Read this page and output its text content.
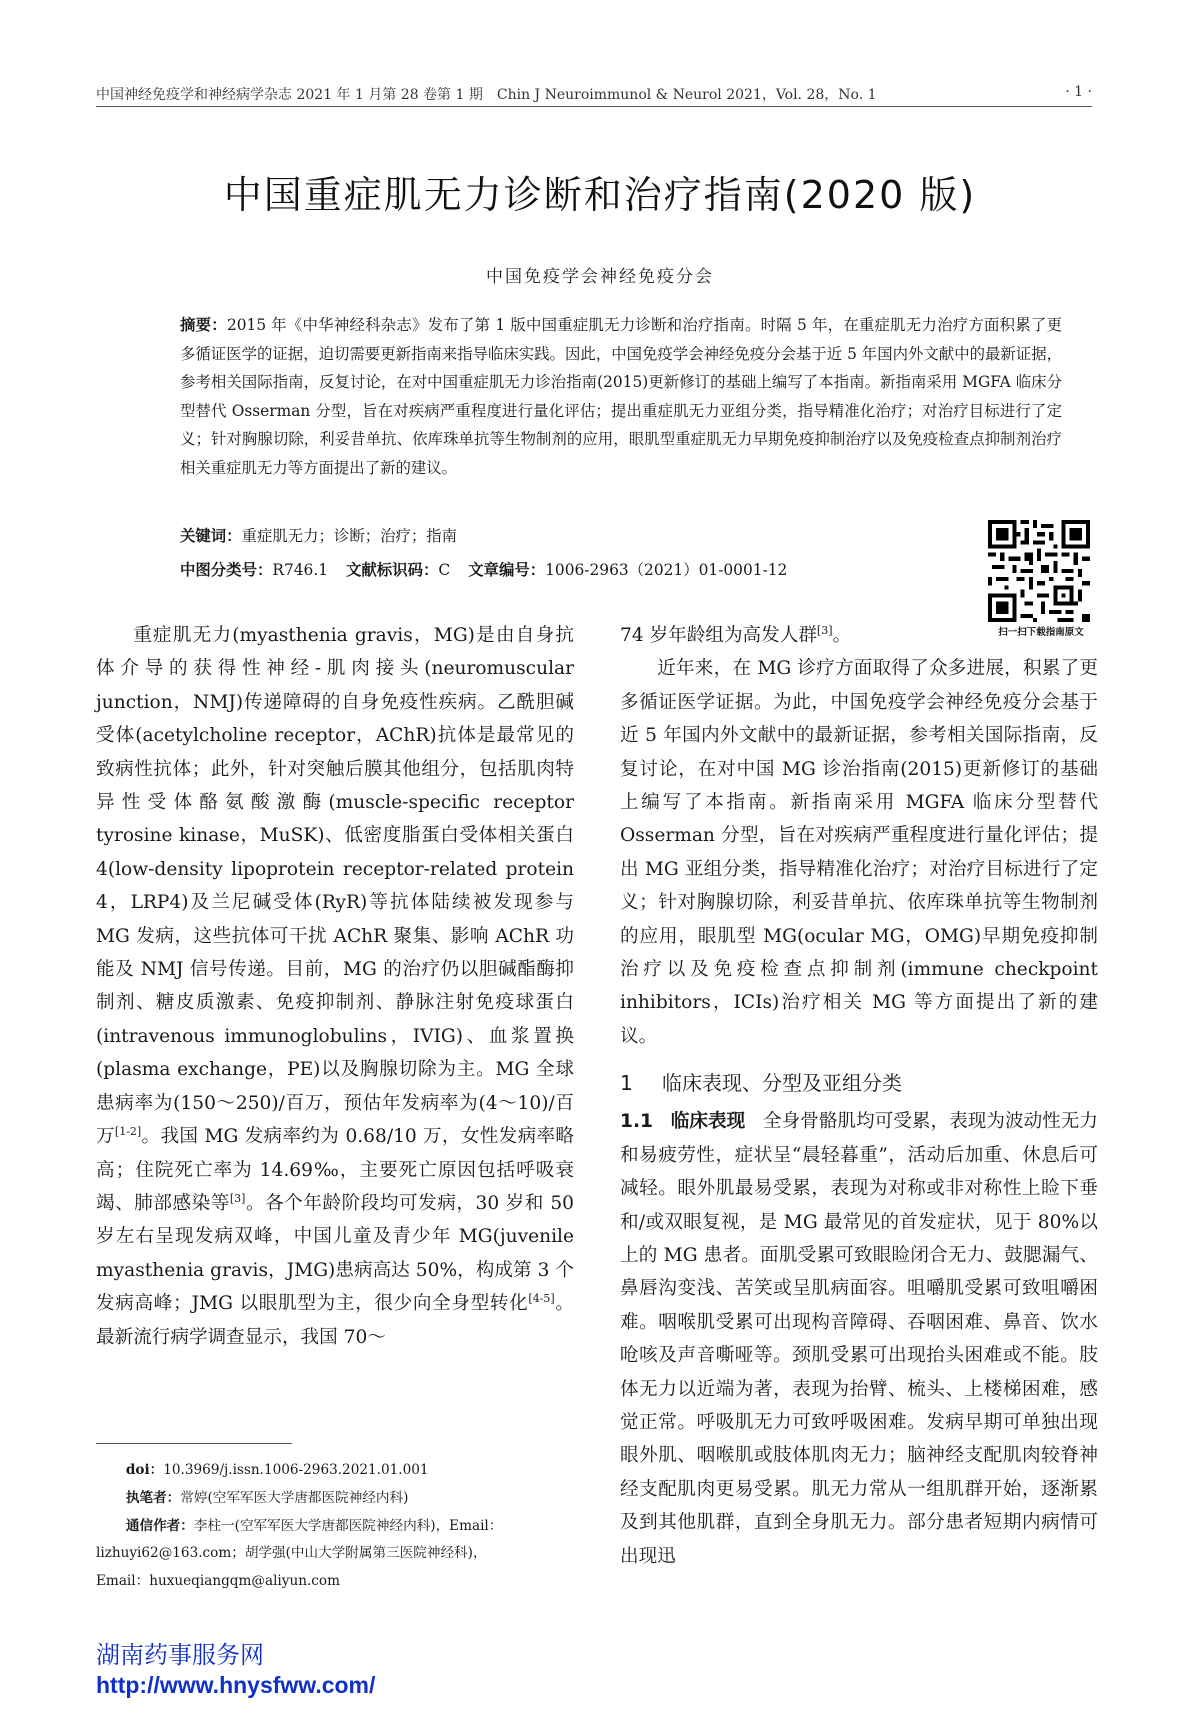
中国神经免疫学和神经病学杂志 2021 年 1 月第 28 卷第 1 期　Chin J Neuroimmunol & Neurol 2021，Vol. 28，No. 1	· 1 ·
中国重症肌无力诊断和治疗指南(2020 版)
中国免疫学会神经免疫分会
摘要：2015 年《中华神经科杂志》发布了第 1 版中国重症肌无力诊断和治疗指南。时隔 5 年，在重症肌无力治疗方面积累了更多循证医学的证据，迫切需要更新指南来指导临床实践。因此，中国免疫学会神经免疫分会基于近 5 年国内外文献中的最新证据，参考相关国际指南，反复讨论，在对中国重症肌无力诊治指南(2015)更新修订的基础上编写了本指南。新指南采用 MGFA 临床分型替代 Osserman 分型，旨在对疾病严重程度进行量化评估；提出重症肌无力亚组分类，指导精准化治疗；对治疗目标进行了定义；针对胸腺切除，利妥昔单抗、依库珠单抗等生物制剂的应用，眼肌型重症肌无力早期免疫抑制治疗以及免疫检查点抑制剂治疗相关重症肌无力等方面提出了新的建议。
关键词：重症肌无力；诊断；治疗；指南
中图分类号：R746.1 文献标识码：C 文章编号：1006-2963（2021）01-0001-12
扫一扫下载指南原文

重症肌无力(myasthenia gravis，MG)是由自身抗体介导的获得性神经-肌肉接头(neuromuscular junction，NMJ)传递障碍的自身免疫性疾病。乙酰胆碱受体(acetylcholine receptor，AChR)抗体是最常见的致病性抗体；此外，针对突触后膜其他组分，包括肌肉特异性受体酪氨酸激酶(muscle-specific receptor tyrosine kinase，MuSK)、低密度脂蛋白受体相关蛋白 4(low-density lipoprotein receptor-related protein 4，LRP4)及兰尼碱受体(RyR)等抗体陆续被发现参与 MG 发病，这些抗体可干扰 AChR 聚集、影响 AChR 功能及 NMJ 信号传递。目前，MG 的治疗仍以胆碱酯酶抑制剂、糖皮质激素、免疫抑制剂、静脉注射免疫球蛋白(intravenous immunoglobulins，IVIG)、血浆置换(plasma exchange，PE)以及胸腺切除为主。MG 全球患病率为(150～250)/百万，预估年发病率为(4～10)/百万[1-2]。我国 MG 发病率约为 0.68/10 万，女性发病率略高；住院死亡率为 14.69‰，主要死亡原因包括呼吸衰竭、肺部感染等[3]。各个年龄阶段均可发病，30 岁和 50 岁左右呈现发病双峰，中国儿童及青少年 MG(juvenile myasthenia gravis，JMG)患病高达 50%，构成第 3 个发病高峰；JMG 以眼肌型为主，很少向全身型转化[4-5]。最新流行病学调查显示，我国 70～

74 岁年龄组为高发人群[3]。

近年来，在 MG 诊疗方面取得了众多进展，积累了更多循证医学证据。为此，中国免疫学会神经免疫分会基于近 5 年国内外文献中的最新证据，参考相关国际指南，反复讨论，在对中国 MG 诊治指南(2015)更新修订的基础上编写了本指南。新指南采用 MGFA 临床分型替代 Osserman 分型，旨在对疾病严重程度进行量化评估；提出 MG 亚组分类，指导精准化治疗；对治疗目标进行了定义；针对胸腺切除，利妥昔单抗、依库珠单抗等生物制剂的应用，眼肌型 MG(ocular MG，OMG)早期免疫抑制治疗以及免疫检查点抑制剂(immune checkpoint inhibitors，ICIs)治疗相关 MG 等方面提出了新的建议。

1 临床表现、分型及亚组分类

1.1 临床表现 全身骨骼肌均可受累，表现为波动性无力和易疲劳性，症状呈“晨轻暮重”，活动后加重、休息后可减轻。眼外肌最易受累，表现为对称或非对称性上睑下垂和/或双眼复视，是 MG 最常见的首发症状，见于 80%以上的 MG 患者。面肌受累可致眼睑闭合无力、鼓腮漏气、鼻唇沟变浅、苦笑或呈肌病面容。咀嚼肌受累可致咀嚼困难。咽喉肌受累可出现构音障碍、吞咽困难、鼻音、饮水呛咳及声音嘶哑等。颈肌受累可出现抬头困难或不能。肢体无力以近端为著，表现为抬臂、梳头、上楼梯困难，感觉正常。呼吸肌无力可致呼吸困难。发病早期可单独出现眼外肌、咽喉肌或肢体肌肉无力；脑神经支配肌肉较脊神经支配肌肉更易受累。肌无力常从一组肌群开始，逐渐累及到其他肌群，直到全身肌无力。部分患者短期内病情可出现迅

doi：10.3969/j.issn.1006-2963.2021.01.001
执笔者：常婷(空军军医大学唐都医院神经内科)
通信作者：李柱一(空军军医大学唐都医院神经内科)，Email：
lizhuyi62@163.com；胡学强(中山大学附属第三医院神经科)，
Email：huxueqiangqm@aliyun.com
湖南药事服务网
http://www.hnysfww.com/
